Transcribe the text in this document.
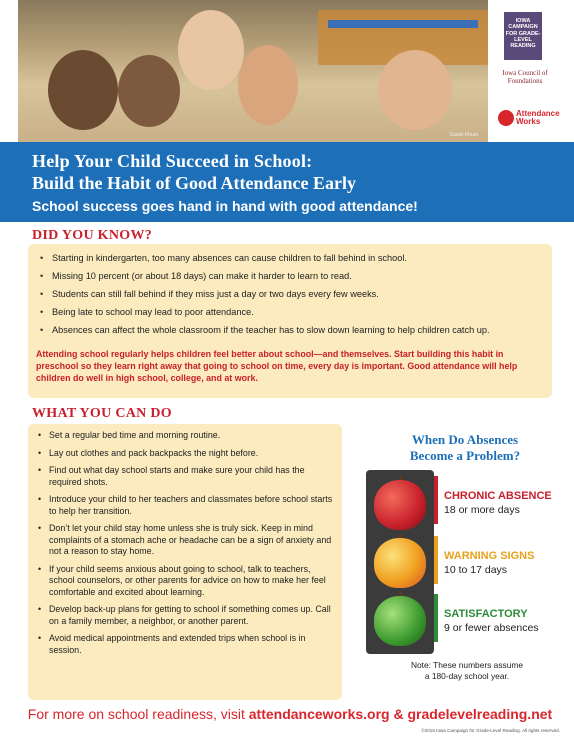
Susan Khurs
IOWA CAMPAIGN FOR GRADE-LEVEL READING
Iowa Council of Foundations
Attendance Works
Help Your Child Succeed in School:
Build the Habit of Good Attendance Early
School success goes hand in hand with good attendance!
DID YOU KNOW?
• Starting in kindergarten, too many absences can cause children to fall behind in school.
• Missing 10 percent (or about 18 days) can make it harder to learn to read.
• Students can still fall behind if they miss just a day or two days every few weeks.
• Being late to school may lead to poor attendance.
• Absences can affect the whole classroom if the teacher has to slow down learning to help children catch up.
Attending school regularly helps children feel better about school—and themselves. Start building this habit in preschool so they learn right away that going to school on time, every day is important. Good attendance will help children do well in high school, college, and at work.
WHAT YOU CAN DO
• Set a regular bed time and morning routine.
• Lay out clothes and pack backpacks the night before.
• Find out what day school starts and make sure your child has the required shots.
• Introduce your child to her teachers and classmates before school starts to help her transition.
• Don’t let your child stay home unless she is truly sick. Keep in mind complaints of a stomach ache or headache can be a sign of anxiety and not a reason to stay home.
• If your child seems anxious about going to school, talk to teachers, school counselors, or other parents for advice on how to make her feel comfortable and excited about learning.
• Develop back-up plans for getting to school if something comes up. Call on a family member, a neighbor, or another parent.
• Avoid medical appointments and extended trips when school is in session.
When Do Absences
Become a Problem?
CHRONIC ABSENCE
18 or more days
WARNING SIGNS
10 to 17 days
SATISFACTORY
9 or fewer absences
Note: These numbers assume
a 180-day school year.
For more on school readiness, visit attendanceworks.org & gradelevelreading.net
©2015 Iowa Campaign for Grade-Level Reading. All rights reserved.
